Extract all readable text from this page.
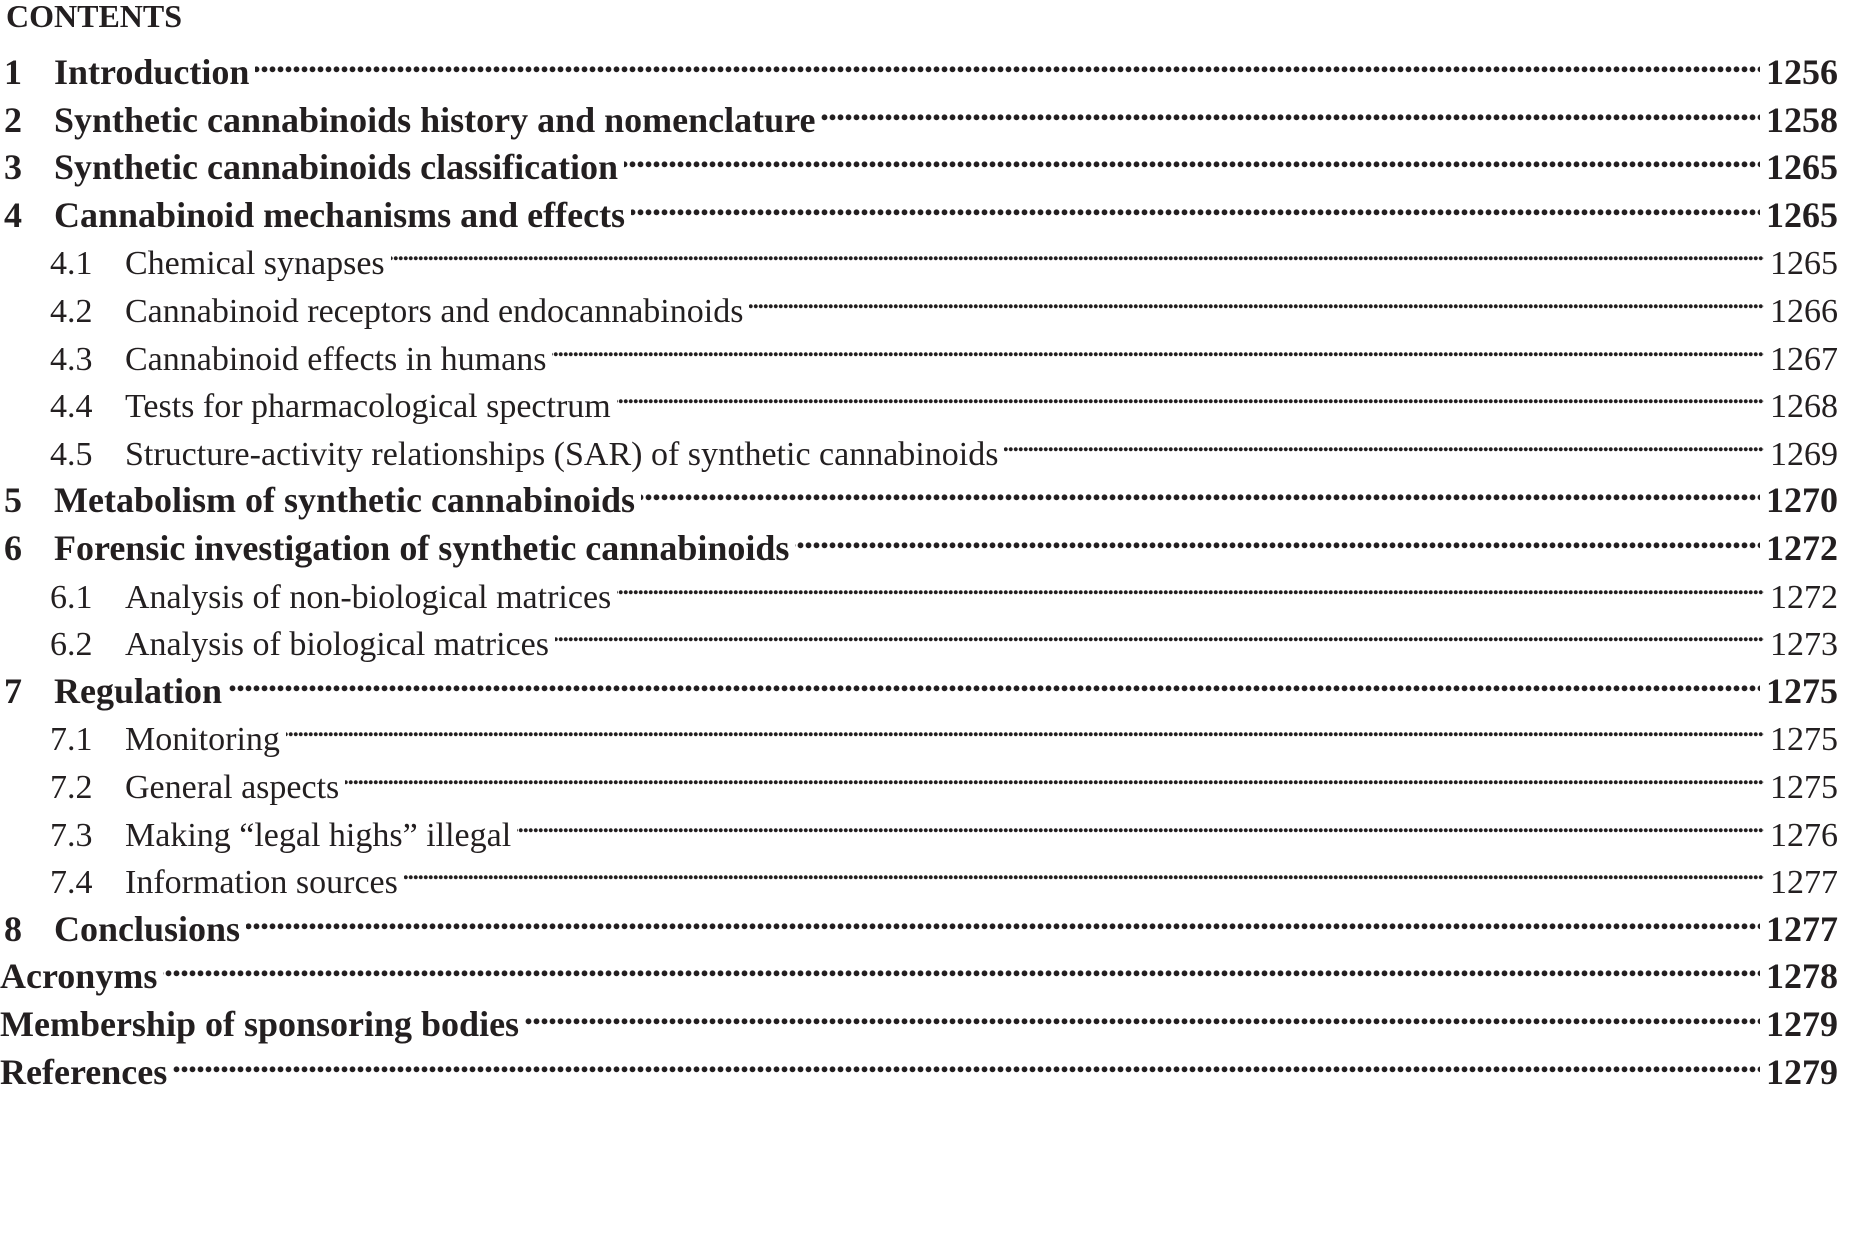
CONTENTS
1 Introduction . . .	1256
2 Synthetic cannabinoids history and nomenclature . . .	1258
3 Synthetic cannabinoids classification . . .	1265
4 Cannabinoid mechanisms and effects . . .	1265
4.1 Chemical synapses . . .	1265
4.2 Cannabinoid receptors and endocannabinoids . . .	1266
4.3 Cannabinoid effects in humans . . .	1267
4.4 Tests for pharmacological spectrum . . .	1268
4.5 Structure-activity relationships (SAR) of synthetic cannabinoids . . .	1269
5 Metabolism of synthetic cannabinoids . . .	1270
6 Forensic investigation of synthetic cannabinoids . . .	1272
6.1 Analysis of non-biological matrices . . .	1272
6.2 Analysis of biological matrices . . .	1273
7 Regulation . . .	1275
7.1 Monitoring . . .	1275
7.2 General aspects . . .	1275
7.3 Making “legal highs” illegal . . .	1276
7.4 Information sources . . .	1277
8 Conclusions . . .	1277
Acronyms . . .	1278
Membership of sponsoring bodies . . .	1279
References . . .	1279
